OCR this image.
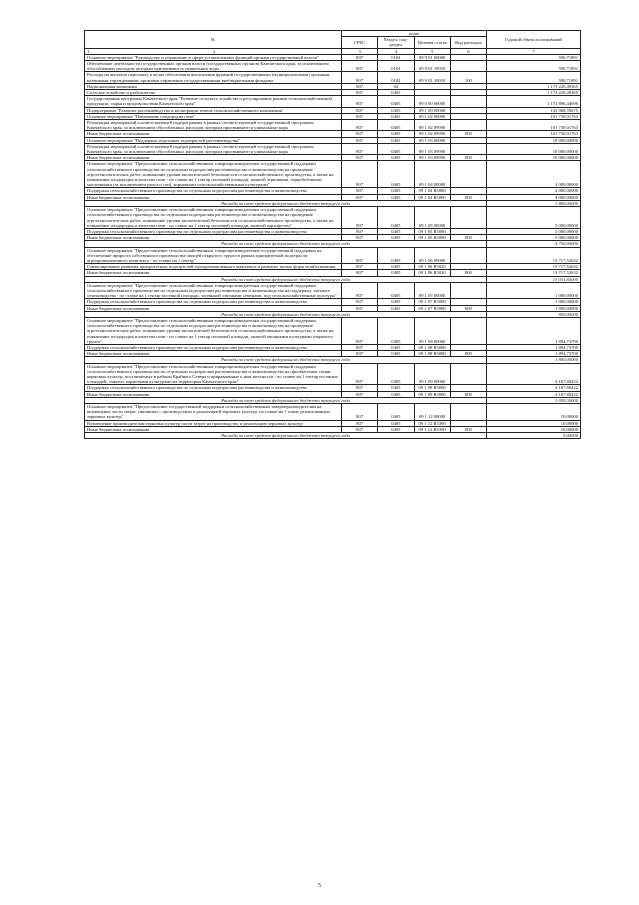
№	коды				Годовой объем ассигнований
	ГРБС	Раздел, под-раздел	Целевая статья	Вид расходов	

1 2	3	4	5	6	7
Основное мероприятие "Руководство и управление в сфере установленных функций органов государственной власти"	807	0104	09 9 01 00000		590,71891
Обеспечение деятельности государственных органов власти (государственных органов) Камчатского края, за исключением обособленных расходов, которым присваиваются уникальные коды	807	0104	09 9 01 10010		590,71891
Расходы на выплаты персоналу в целях обеспечения выполнения функций государственными (муниципальными) органами, казенными учреждениями, органами управления государственными внебюджетными фондами	807	0104	09 9 01 10010	100	590,71891
Национальная экономика	807	04			1 173 220,49365
Сельское хозяйство и рыболовство	807	0405			1 173 220,49365
Государственная программа Камчатского края "Развитие сельского хозяйства и регулирование рынков сельскохозяйственной продукции, сырья и продовольствия Камчатского края"	807	0405	09 0 00 00000		1 172 896,44696
Подпрограмма "Развитие растениеводства и мелиорации земель сельскохозяйственного назначения"	807	0405	09 1 00 00000		143 068,59675
Основное мероприятие "Повышение плодородия почв"	807	0405	09 1 02 00000		101 730,01763
Реализация мероприятий соответствующей подпрограммы в рамках соответствующей государственной программы Камчатского края, за исключением обособленных расходов, которым присваиваются уникальные коды	807	0405	09 1 02 09990		101 730,01763
Иные бюджетные ассигнования	807	0405	09 1 02 09990	800	101 730,01763
Основное мероприятие "Поддержка отдельных подотраслей растениеводства"	807	0405	09 1 03 00000		10 000,00000
Реализация мероприятий соответствующей подпрограммы в рамках соответствующей государственной программы Камчатского края, за исключением обособленных расходов, которым присваиваются уникальные коды	807	0405	09 1 03 09990		10 000,00000
Иные бюджетные ассигнования	807	0405	09 1 03 09990	800	10 000,00000
Основное мероприятие "Предоставление сельскохозяйственным товаропроизводителям государственной поддержки сельскохозяйственного производства по отдельным подотраслям растениеводства и животноводства на проведение агротехнологических работ, повышение уровня экологической безопасности сельскохозяйственного производства, а также на повышение плодородия и качества почв - по ставке на 1 гектар посевной площади, занятой зерновыми, зернобобовыми, масличными (за исключением рапса и сои), кормовыми сельскохозяйственными культурами"	807	0405	09 1 04 00000		4 000,00000
Поддержка сельскохозяйственного производства по отдельным подотраслям растениеводства и животноводства	807	0405	09 1 04 R5080		4 000,00000
Иные бюджетные ассигнования	807	0405	09 1 04 R5080	800	4 000,00000
Расходы за счет средств федерального бюджета текущего года					3 800,00000
Основное мероприятие "Предоставление сельскохозяйственным товаропроизводителям государственной поддержки сельскохозяйственного производства по отдельным подотраслям растениеводства и животноводства на проведение агротехнологических работ, повышение уровня экологической безопасности сельскохозяйственного производства, а также на повышение плодородия и качества почв - по ставке на 1 гектар посевной площади, занятой картофелем"	807	0405	09 1 05 00000		5 000,00000
Поддержка сельскохозяйственного производства по отдельным подотраслям растениеводства и животноводства	807	0405	09 1 05 R5080		5 000,00000
Иные бюджетные ассигнования	807	0405	09 1 05 R5080	800	5 000,00000
Расходы за счет средств федерального бюджета текущего года					4 750,00000
Основное мероприятие "Предоставление сельскохозяйственным товаропроизводителям государственной поддержки на обеспечение прироста собственного производства овощей открытого грунта в рамках приоритетной подотрасли агропромышленного комплекса - по ставке на 1 гектар"	807	0405	09 1 06 00000		13 717,52632
Стимулирование развития приоритетных подотраслей агропромышленного комплекса и развитие малых форм хозяйствования	807	0405	09 1 06 R5020		13 717,52632
Иные бюджетные ассигнования	807	0405	09 1 06 R5020	800	13 717,52632
Расходы за счет средств федерального бюджета текущего года					13 031,65000
Основное мероприятие "Предоставление сельскохозяйственным товаропроизводителям государственной поддержки сельскохозяйственного производства по отдельным подотраслям растениеводства и животноводства на поддержку элитного семеноводства - по ставке на 1 гектар посевной площади, засеянной элитными семенами, под сельскохозяйственные культуры"	807	0405	09 1 07 00000		1 000,00000
Поддержка сельскохозяйственного производства по отдельным подотраслям растениеводства и животноводства	807	0405	09 1 07 R5080		1 000,00000
Иные бюджетные ассигнования	807	0405	09 1 07 R5080	800	1 000,00000
Расходы за счет средств федерального бюджета текущего года					950,00000
Основное мероприятие "Предоставление сельскохозяйственным товаропроизводителям государственной поддержки сельскохозяйственного производства по отдельным подотраслям растениеводства и животноводства на проведение агротехнологических работ, повышение уровня экологической безопасности сельскохозяйственного производства, а также на повышение плодородия и качества почв - по ставке на 1 гектар посевной площади, занятой овощными культурами открытого грунта"	807	0405	09 1 08 00000		1 894,73700
Поддержка сельскохозяйственного производства по отдельным подотраслям растениеводства и животноводства	807	0405	09 1 08 R5080		1 894,73700
Иные бюджетные ассигнования	807	0405	09 1 08 R5080	800	1 894,73700
Расходы за счет средств федерального бюджета текущего года					1 800,00000
Основное мероприятие "Предоставление сельскохозяйственным товаропроизводителям государственной поддержки сельскохозяйственного производства по отдельным подотраслям растениеводства и животноводства на приобретение семян кормовых культур, поставляемых в районы Крайнего Севера и приравненные к ним местности - по ставке на 1 гектар посевных площадей, занятых кормовыми культурами на территории Камчатского края"	807	0405	09 1 09 00000		4 167,68422
Поддержка сельскохозяйственного производства по отдельным подотраслям растениеводства и животноводства	807	0405	09 1 09 R5080		4 167,68422
Иные бюджетные ассигнования	807	0405	09 1 09 R5080	800	4 167,68422
Расходы за счет средств федерального бюджета текущего года					3 959,30000
Основное мероприятие "Предоставление государственной поддержки сельскохозяйственным товаропроизводителям на возмещение части затрат, связанных с производством и реализацией зерновых культур, по ставке на 1 тонну реализованных зерновых культур"	807	0405	09 1 12 00000		10,00000
Возмещение производителям зерновых культур части затрат на производство и реализацию зерновых культур	807	0405	09 1 12 R5390		10,00000
Иные бюджетные ассигнования	807	0405	09 1 12 R5390	800	10,00000
Расходы за счет средств федерального бюджета текущего года					5,00000
5
